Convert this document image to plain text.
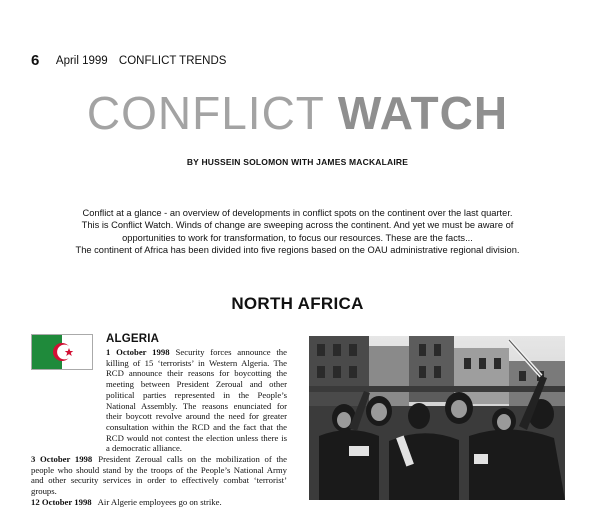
6 April 1999 CONFLICT TRENDS
CONFLICT WATCH
BY HUSSEIN SOLOMON WITH JAMES MACKALAIRE

Conflict at a glance - an overview of developments in conflict spots on the continent over the last quarter.

This is Conflict Watch. Winds of change are sweeping across the continent. And yet we must be aware of

opportunities to work for transformation, to focus our resources. These are the facts...

The continent of Africa has been divided into five regions based on the OAU administrative regional division.

NORTH AFRICA
ALGERIA

1 October 1998 Security forces announce the killing of 15 ‘terrorists’ in Western Algeria. The RCD announce their reasons for boycotting the meeting between President Zeroual and other political parties represented in the People’s National Assembly. The reasons enunciated for their boycott revolve around the need for greater consultation within the RCD and the fact that the RCD would not contest the election unless there is a democratic alliance.

3 October 1998 President Zeroual calls on the mobilization of the people who should stand by the troops of the People’s National Army and other security services in order to effectively combat ‘terrorist’ groups.

12 October 1998 Air Algerie employees go on strike.
